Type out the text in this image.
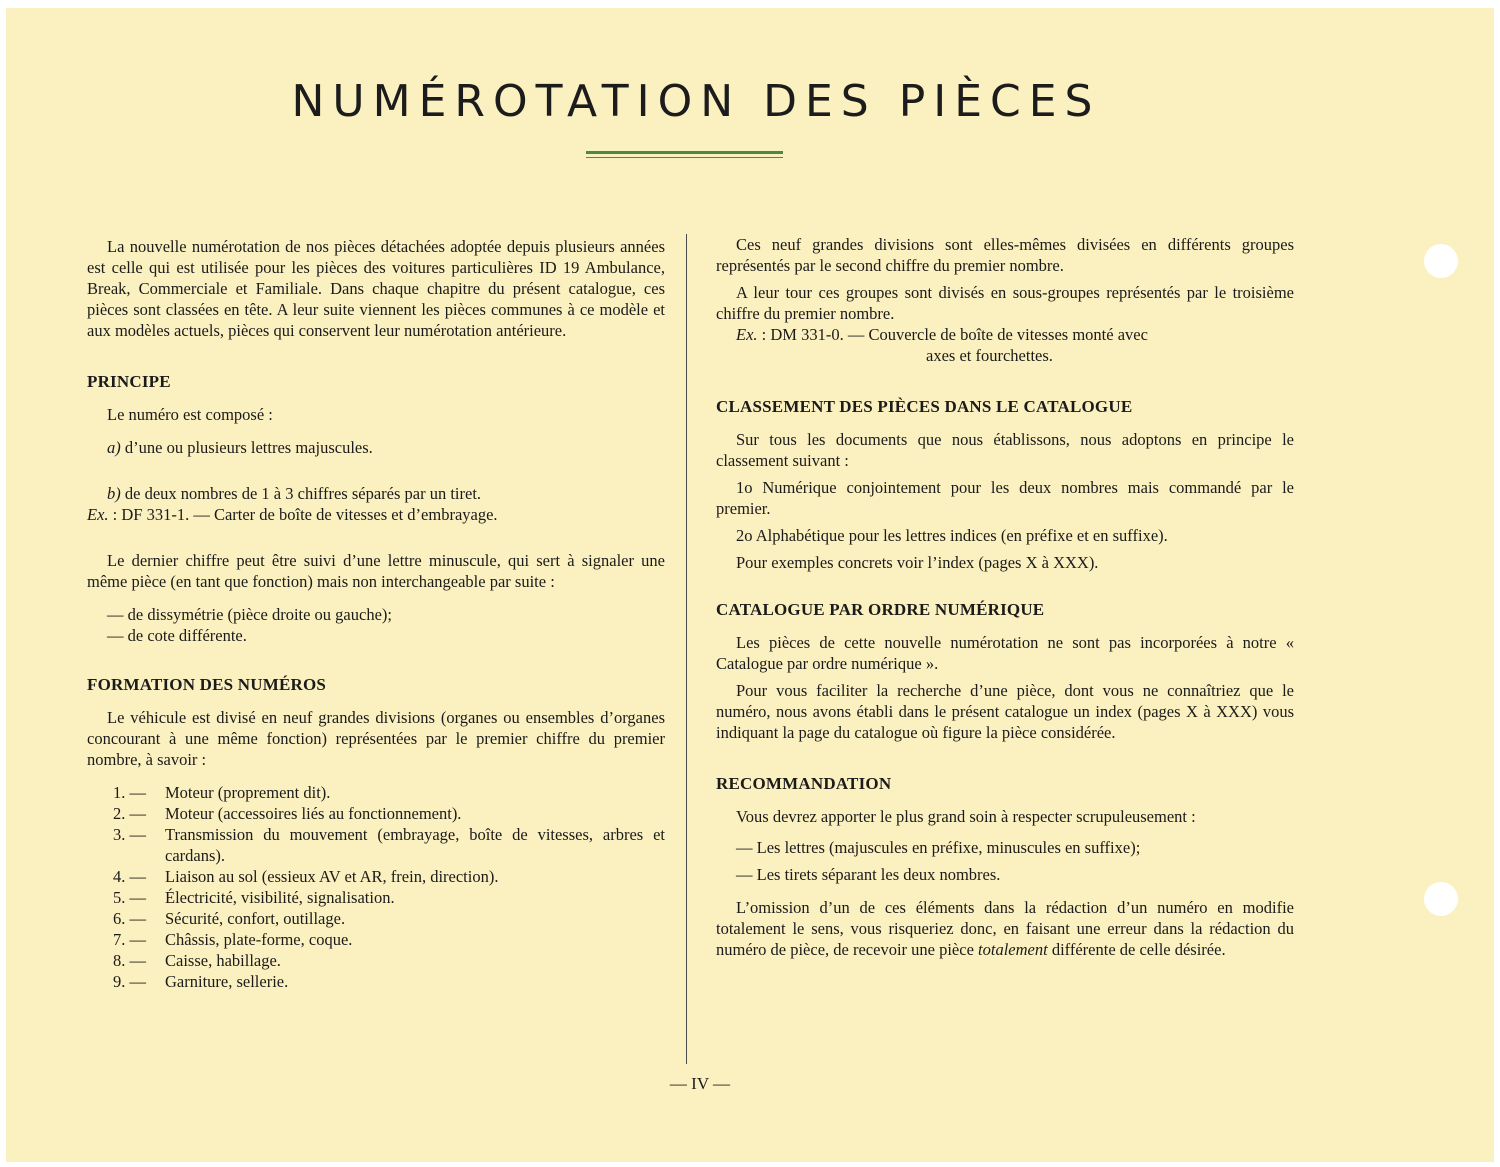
NUMÉROTATION DES PIÈCES

La nouvelle numérotation de nos pièces détachées adoptée depuis plusieurs années est celle qui est utilisée pour les pièces des voitures particulières ID 19 Ambulance, Break, Commerciale et Familiale. Dans chaque chapitre du présent catalogue, ces pièces sont classées en tête. A leur suite viennent les pièces communes à ce modèle et aux modèles actuels, pièces qui conservent leur numérotation antérieure.

PRINCIPE

Le numéro est composé :

a) d’une ou plusieurs lettres majuscules.

b) de deux nombres de 1 à 3 chiffres séparés par un tiret.

Ex. : DF 331-1. — Carter de boîte de vitesses et d’embrayage.

Le dernier chiffre peut être suivi d’une lettre minuscule, qui sert à signaler une même pièce (en tant que fonction) mais non interchangeable par suite :

— de dissymétrie (pièce droite ou gauche);
— de cote différente.
FORMATION DES NUMÉROS

Le véhicule est divisé en neuf grandes divisions (organes ou ensembles d’organes concourant à une même fonction) représentées par le premier chiffre du premier nombre, à savoir :

1. — Moteur (proprement dit).
2. — Moteur (accessoires liés au fonctionnement).
3. — Transmission du mouvement (embrayage, boîte de vitesses, arbres et cardans).
4. — Liaison au sol (essieux AV et AR, frein, direction).
5. — Électricité, visibilité, signalisation.
6. — Sécurité, confort, outillage.
7. — Châssis, plate-forme, coque.
8. — Caisse, habillage.
9. — Garniture, sellerie.

Ces neuf grandes divisions sont elles-mêmes divisées en différents groupes représentés par le second chiffre du premier nombre.

A leur tour ces groupes sont divisés en sous-groupes représentés par le troisième chiffre du premier nombre.

Ex. : DM 331-0. — Couvercle de boîte de vitesses monté avec
axes et fourchettes.
CLASSEMENT DES PIÈCES DANS LE CATALOGUE

Sur tous les documents que nous établissons, nous adoptons en principe le classement suivant :

1o Numérique conjointement pour les deux nombres mais commandé par le premier.

2o Alphabétique pour les lettres indices (en préfixe et en suffixe).

Pour exemples concrets voir l’index (pages X à XXX).

CATALOGUE PAR ORDRE NUMÉRIQUE

Les pièces de cette nouvelle numérotation ne sont pas incorporées à notre « Catalogue par ordre numérique ».

Pour vous faciliter la recherche d’une pièce, dont vous ne connaîtriez que le numéro, nous avons établi dans le présent catalogue un index (pages X à XXX) vous indiquant la page du catalogue où figure la pièce considérée.

RECOMMANDATION

Vous devrez apporter le plus grand soin à respecter scrupuleusement :

— Les lettres (majuscules en préfixe, minuscules en suffixe);
— Les tirets séparant les deux nombres.

L’omission d’un de ces éléments dans la rédaction d’un numéro en modifie totalement le sens, vous risqueriez donc, en faisant une erreur dans la rédaction du numéro de pièce, de recevoir une pièce totalement différente de celle désirée.

— IV —
